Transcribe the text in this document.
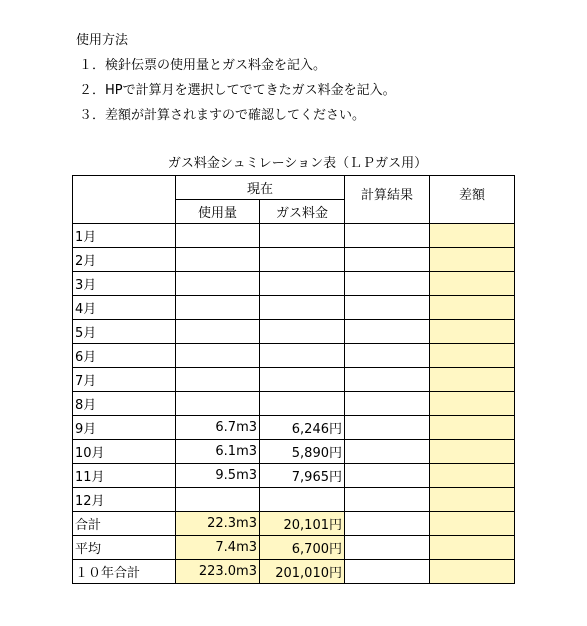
使用方法
１．検針伝票の使用量とガス料金を記入。
２．HPで計算月を選択してでてきたガス料金を記入。
３．差額が計算されますので確認してください。
ガス料金シュミレーション表（ＬＰガス用）
	現在		計算結果	差額
	使用量	ガス料金		
1月				
2月				
3月				
4月				
5月				
6月				
7月				
8月				
9月	6.7m3	6,246円		
10月	6.1m3	5,890円		
11月	9.5m3	7,965円		
12月				
合計	22.3m3	20,101円		
平均	7.4m3	6,700円		
１０年合計	223.0m3	201,010円		
